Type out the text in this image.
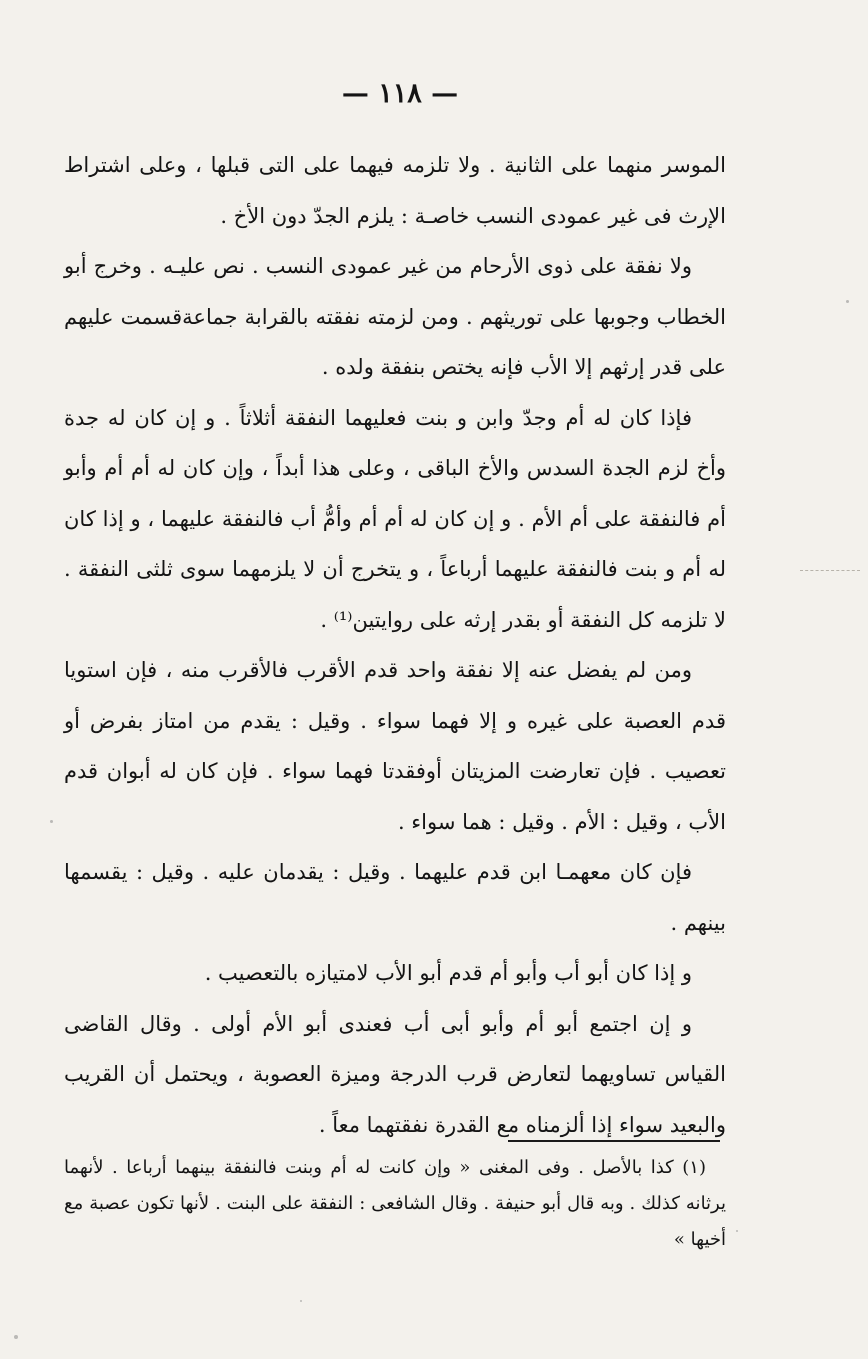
— ١١٨ —

الموسر منهما على الثانية . ولا تلزمه فيهما على التى قبلها ، وعلى اشتراط الإرث فى غير عمودى النسب خاصـة : يلزم الجدّ دون الأخ .

ولا نفقة على ذوى الأرحام من غير عمودى النسب . نص عليـه . وخرج أبو الخطاب وجوبها على توريثهم . ومن لزمته نفقته بالقرابة جماعةقسمت عليهم على قدر إرثهم إلا الأب فإنه يختص بنفقة ولده .

فإذا كان له أم وجدّ وابن و بنت فعليهما النفقة أثلاثاً . و إن كان له جدة وأخ لزم الجدة السدس والأخ الباقى ، وعلى هذا أبداً ، وإن كان له أم أم وأبو أم فالنفقة على أم الأم . و إن كان له أم أم وأمُّ أب فالنفقة عليهما ، و إذا كان له أم و بنت فالنفقة عليهما أرباعاً ، و يتخرج أن لا يلزمهما سوى ثلثى النفقة . لا تلزمه كل النفقة أو بقدر إرثه على روايتين⁽¹⁾ .

ومن لم يفضل عنه إلا نفقة واحد قدم الأقرب فالأقرب منه ، فإن استويا قدم العصبة على غيره و إلا فهما سواء . وقيل : يقدم من امتاز بفرض أو تعصيب . فإن تعارضت المزيتان أوفقدتا فهما سواء . فإن كان له أبوان قدم الأب ، وقيل : الأم . وقيل : هما سواء .

فإن كان معهمـا ابن قدم عليهما . وقيل : يقدمان عليه . وقيل : يقسمها بينهم .

و إذا كان أبو أب وأبو أم قدم أبو الأب لامتيازه بالتعصيب .

و إن اجتمع أبو أم وأبو أبى أب فعندى أبو الأم أولى . وقال القاضى القياس تساويهما لتعارض قرب الدرجة وميزة العصوبة ، ويحتمل أن القريب والبعيد سواء إذا ألزمناه مع القدرة نفقتهما معاً .

(١) كذا بالأصل . وفى المغنى « وإن كانت له أم وبنت فالنفقة بينهما أرباعا . لأنهما يرثانه كذلك . وبه قال أبو حنيفة . وقال الشافعى : النفقة على البنت . لأنها تكون عصبة مع أخيها »
